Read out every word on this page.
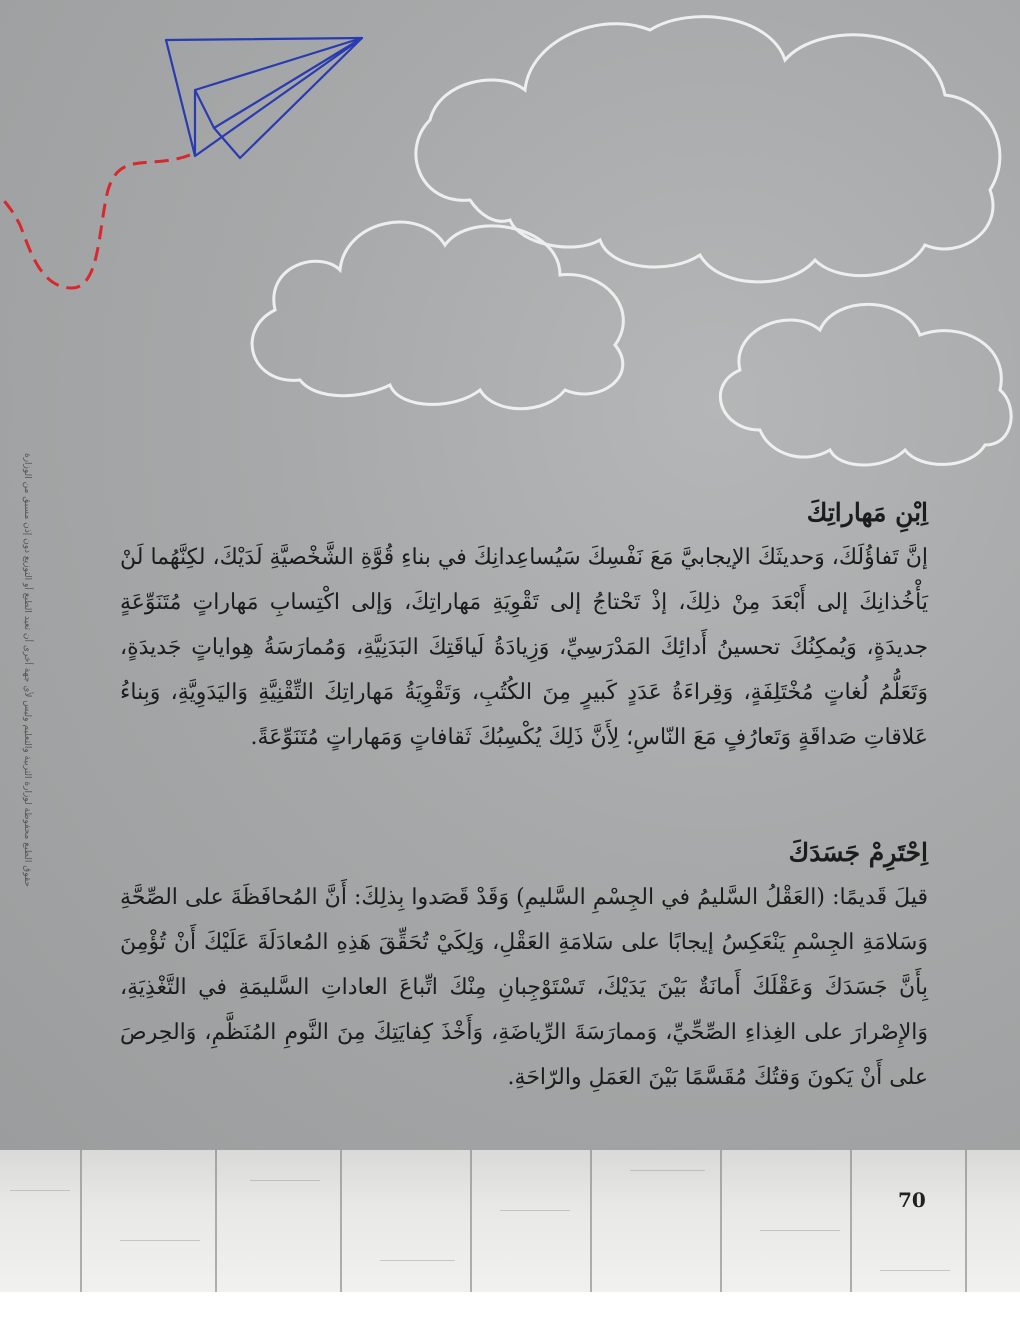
حقوق الطبع محفوظة لوزارة التربية والتعليم وليس لأي جهة أخرى أن تعيد الطبع أو التوزيع دون إذن مسبق من الوزارة	اِبْنِ مَهاراتِكَ

إنَّ تَفاؤُلَكَ، وَحديثَكَ الإيجابيَّ مَعَ نَفْسِكَ سَيُساعِدانِكَ في بناءِ قُوَّةِ الشَّخْصيَّةِ لَدَيْكَ، لكِنَّهُما لَنْ يَأْخُذانِكَ إلى أَبْعَدَ مِنْ ذلِكَ، إذْ تَحْتاجُ إلى تَقْوِيَةِ مَهاراتِكَ، وَإلى اكْتِسابِ مَهاراتٍ مُتَنَوِّعَةٍ جديدَةٍ، وَيُمكِنُكَ تحسينُ أَدائِكَ المَدْرَسِيِّ، وَزِيادَةُ لَياقَتِكَ البَدَنِيَّةِ، وَمُمارَسَةُ هِواياتٍ جَديدَةٍ، وَتَعَلُّمُ لُغاتٍ مُخْتَلِفَةٍ، وَقِراءَةُ عَدَدٍ كَبيرٍ مِنَ الكُتُبِ، وَتَقْوِيَةُ مَهاراتِكَ التِّقْنِيَّةِ وَاليَدَوِيَّةِ، وَبِناءُ عَلاقاتِ صَداقَةٍ وَتَعارُفٍ مَعَ النّاسِ؛ لِأَنَّ ذَلِكَ يُكْسِبُكَ ثَقافاتٍ وَمَهاراتٍ مُتَنَوِّعَةً.

اِحْتَرِمْ جَسَدَكَ

قيلَ قَديمًا: (العَقْلُ السَّليمُ في الجِسْمِ السَّليمِ) وَقَدْ قَصَدوا بِذلِكَ: أَنَّ المُحافَظَةَ على الصِّحَّةِ وَسَلامَةِ الجِسْمِ يَنْعَكِسُ إيجابًا على سَلامَةِ العَقْلِ، وَلِكَيْ تُحَقِّقَ هَذِهِ المُعادَلَةَ عَلَيْكَ أَنْ تُؤْمِنَ بِأَنَّ جَسَدَكَ وَعَقْلَكَ أَمانَةٌ بَيْنَ يَدَيْكَ، تَسْتَوْجِبانِ مِنْكَ اتِّباعَ العاداتِ السَّليمَةِ في التَّغْذِيَةِ، وَالإِصْرارَ على الغِذاءِ الصِّحِّيِّ، وَممارَسَةَ الرِّياضَةِ، وَأَخْذَ كِفايَتِكَ مِنَ النَّومِ المُنَظَّمِ، وَالحِرصَ على أَنْ يَكونَ وَقتُكَ مُقَسَّمًا بَيْنَ العَمَلِ والرّاحَةِ.

70
